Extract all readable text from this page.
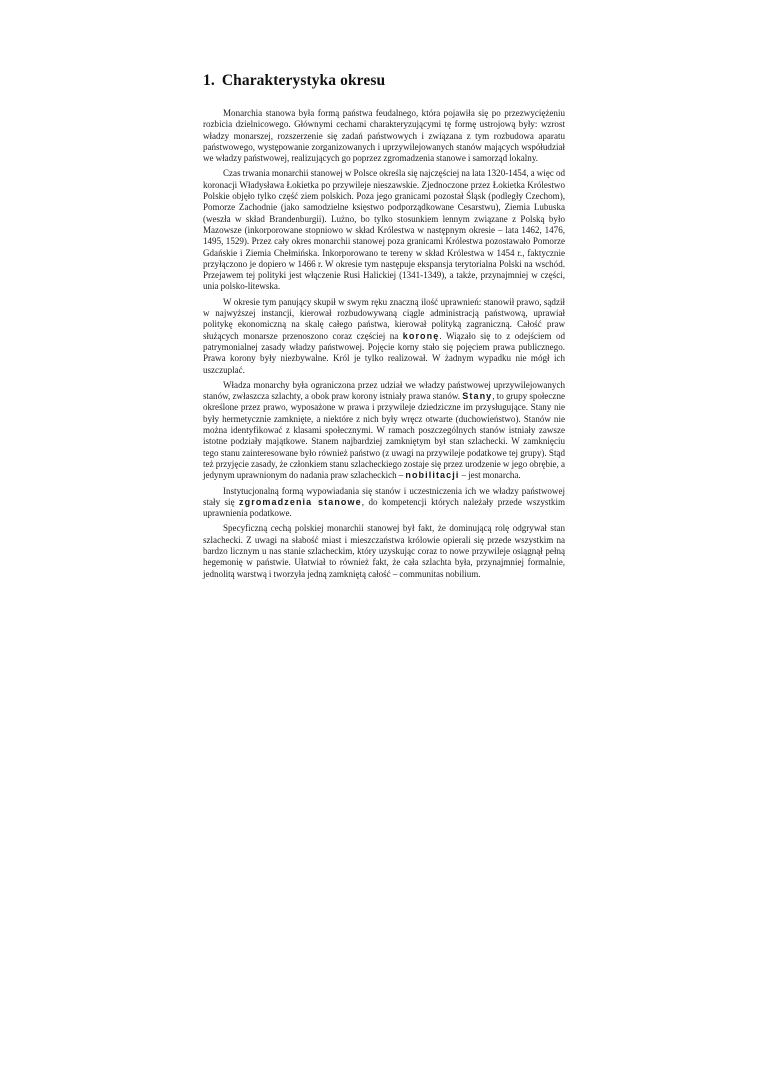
1. Charakterystyka okresu

Monarchia stanowa była formą państwa feudalnego, która pojawiła się po przezwyciężeniu rozbicia dzielnicowego. Głównymi cechami charakteryzującymi tę formę ustrojową były: wzrost władzy monarszej, rozszerzenie się zadań państwowych i związana z tym rozbudowa aparatu państwowego, występowanie zorganizowanych i uprzywilejowanych stanów mających współudział we władzy państwowej, realizujących go poprzez zgromadzenia stanowe i samorząd lokalny.

Czas trwania monarchii stanowej w Polsce określa się najczęściej na lata 1320-1454, a więc od koronacji Władysława Łokietka po przywileje nieszawskie. Zjednoczone przez Łokietka Królestwo Polskie objęło tylko część ziem polskich. Poza jego granicami pozostał Śląsk (podległy Czechom), Pomorze Zachodnie (jako samodzielne księstwo podporządkowane Cesarstwu), Ziemia Lubuska (weszła w skład Brandenburgii). Lużno, bo tylko stosunkiem lennym związane z Polską było Mazowsze (inkorporowane stopniowo w skład Królestwa w następnym okresie – lata 1462, 1476, 1495, 1529). Przez cały okres monarchii stanowej poza granicami Królestwa pozostawało Pomorze Gdańskie i Ziemia Chełmińska. Inkorporowano te tereny w skład Królestwa w 1454 r., faktycznie przyłączono je dopiero w 1466 r. W okresie tym następuje ekspansja terytorialna Polski na wschód. Przejawem tej polityki jest włączenie Rusi Halickiej (1341-1349), a także, przynajmniej w części, unia polsko-litewska.

W okresie tym panujący skupił w swym ręku znaczną ilość uprawnień: stanowił prawo, sądził w najwyższej instancji, kierował rozbudowywaną ciągle administracją państwową, uprawiał politykę ekonomiczną na skalę całego państwa, kierował polityką zagraniczną. Całość praw służących monarsze przenoszono coraz częściej na koronę. Wiązało się to z odejściem od patrymonialnej zasady władzy państwowej. Pojęcie korny stało się pojęciem prawa publicznego. Prawa korony były niezbywalne. Król je tylko realizował. W żadnym wypadku nie mógł ich uszczuplać.

Władza monarchy była ograniczona przez udział we władzy państwowej uprzywilejowanych stanów, zwłaszcza szlachty, a obok praw korony istniały prawa stanów. Stany, to grupy społeczne określone przez prawo, wyposażone w prawa i przywileje dziedziczne im przysługujące. Stany nie były hermetycznie zamknięte, a niektóre z nich były wręcz otwarte (duchowieństwo). Stanów nie można identyfikować z klasami społecznymi. W ramach poszczególnych stanów istniały zawsze istotne podziały majątkowe. Stanem najbardziej zamkniętym był stan szlachecki. W zamknięciu tego stanu zainteresowane było również państwo (z uwagi na przywileje podatkowe tej grupy). Stąd też przyjęcie zasady, że członkiem stanu szlacheckiego zostaje się przez urodzenie w jego obrębie, a jedynym uprawnionym do nadania praw szlacheckich – nobilitacji – jest monarcha.

Instytucjonalną formą wypowiadania się stanów i uczestniczenia ich we władzy państwowej stały się zgromadzenia stanowe, do kompetencji których należały przede wszystkim uprawnienia podatkowe.

Specyficzną cechą polskiej monarchii stanowej był fakt, że dominującą rolę odgrywał stan szlachecki. Z uwagi na słabość miast i mieszczaństwa królowie opierali się przede wszystkim na bardzo licznym u nas stanie szlacheckim, który uzyskując coraz to nowe przywileje osiągnął pełną hegemonię w państwie. Ułatwiał to również fakt, że cała szlachta była, przynajmniej formalnie, jednolitą warstwą i tworzyła jedną zamkniętą całość – communitas nobilium.
